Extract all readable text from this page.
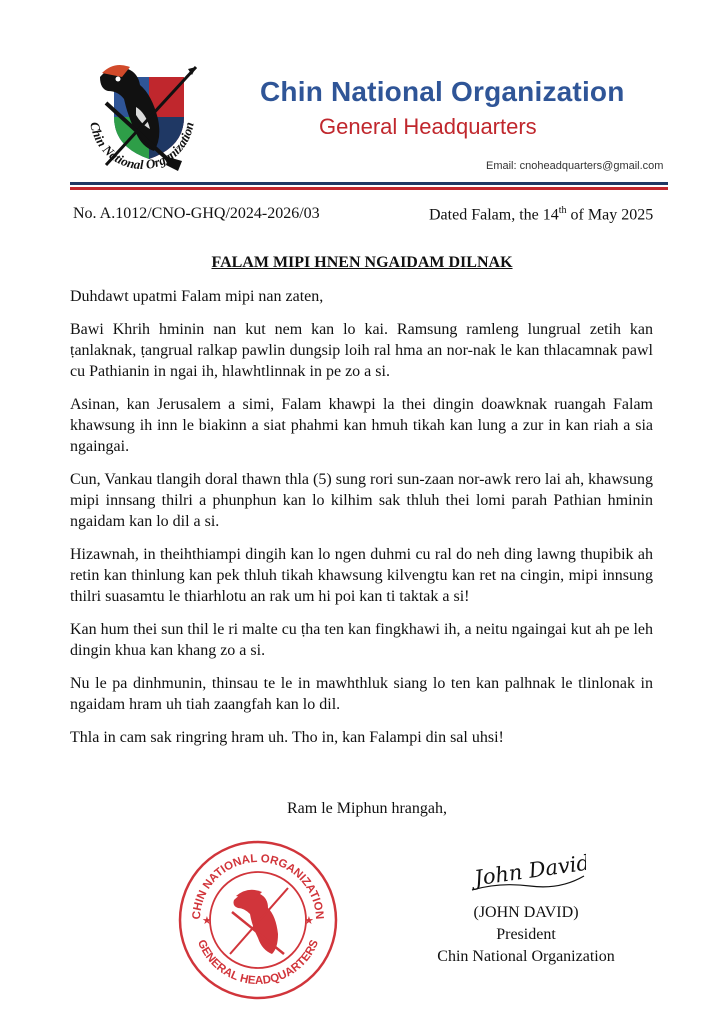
Chin National Organization
Chin National Organization
General Headquarters
Email: cnoheadquarters@gmail.com
No. A.1012/CNO-GHQ/2024-2026/03	Dated Falam, the 14th of May 2025
FALAM MIPI HNEN NGAIDAM DILNAK

Duhdawt upatmi Falam mipi nan zaten,

Bawi Khrih hminin nan kut nem kan lo kai. Ramsung ramleng lungrual zetih kan ṭanlaknak, ṭangrual ralkap pawlin dungsip loih ral hma an nor-nak le kan thlacamnak pawl cu Pathianin in ngai ih, hlawhtlinnak in pe zo a si.

Asinan, kan Jerusalem a simi, Falam khawpi la thei dingin doawknak ruangah Falam khawsung ih inn le biakinn a siat phahmi kan hmuh tikah kan lung a zur in kan riah a sia ngaingai.

Cun, Vankau tlangih doral thawn thla (5) sung rori sun-zaan nor-awk rero lai ah, khawsung mipi innsang thilri a phunphun kan lo kilhim sak thluh thei lomi parah Pathian hminin ngaidam kan lo dil a si.

Hizawnah, in theihthiampi dingih kan lo ngen duhmi cu ral do neh ding lawng thupibik ah retin kan thinlung kan pek thluh tikah khawsung kilvengtu kan ret na cingin, mipi innsung thilri suasamtu le thiarhlotu an rak um hi poi kan ti taktak a si!

Kan hum thei sun thil le ri malte cu ṭha ten kan fingkhawi ih, a neitu ngaingai kut ah pe leh dingin khua kan khang zo a si.

Nu le pa dinhmunin, thinsau te le in mawhthluk siang lo ten kan palhnak le tlinlonak in ngaidam hram uh tiah zaangfah kan lo dil.

Thla in cam sak ringring hram uh. Tho in, kan Falampi din sal uhsi!

Ram le Miphun hrangah,
CHIN NATIONAL ORGANIZATION
GENERAL HEADQUARTERS
★	★
John David
(JOHN DAVID)
President
Chin National Organization
